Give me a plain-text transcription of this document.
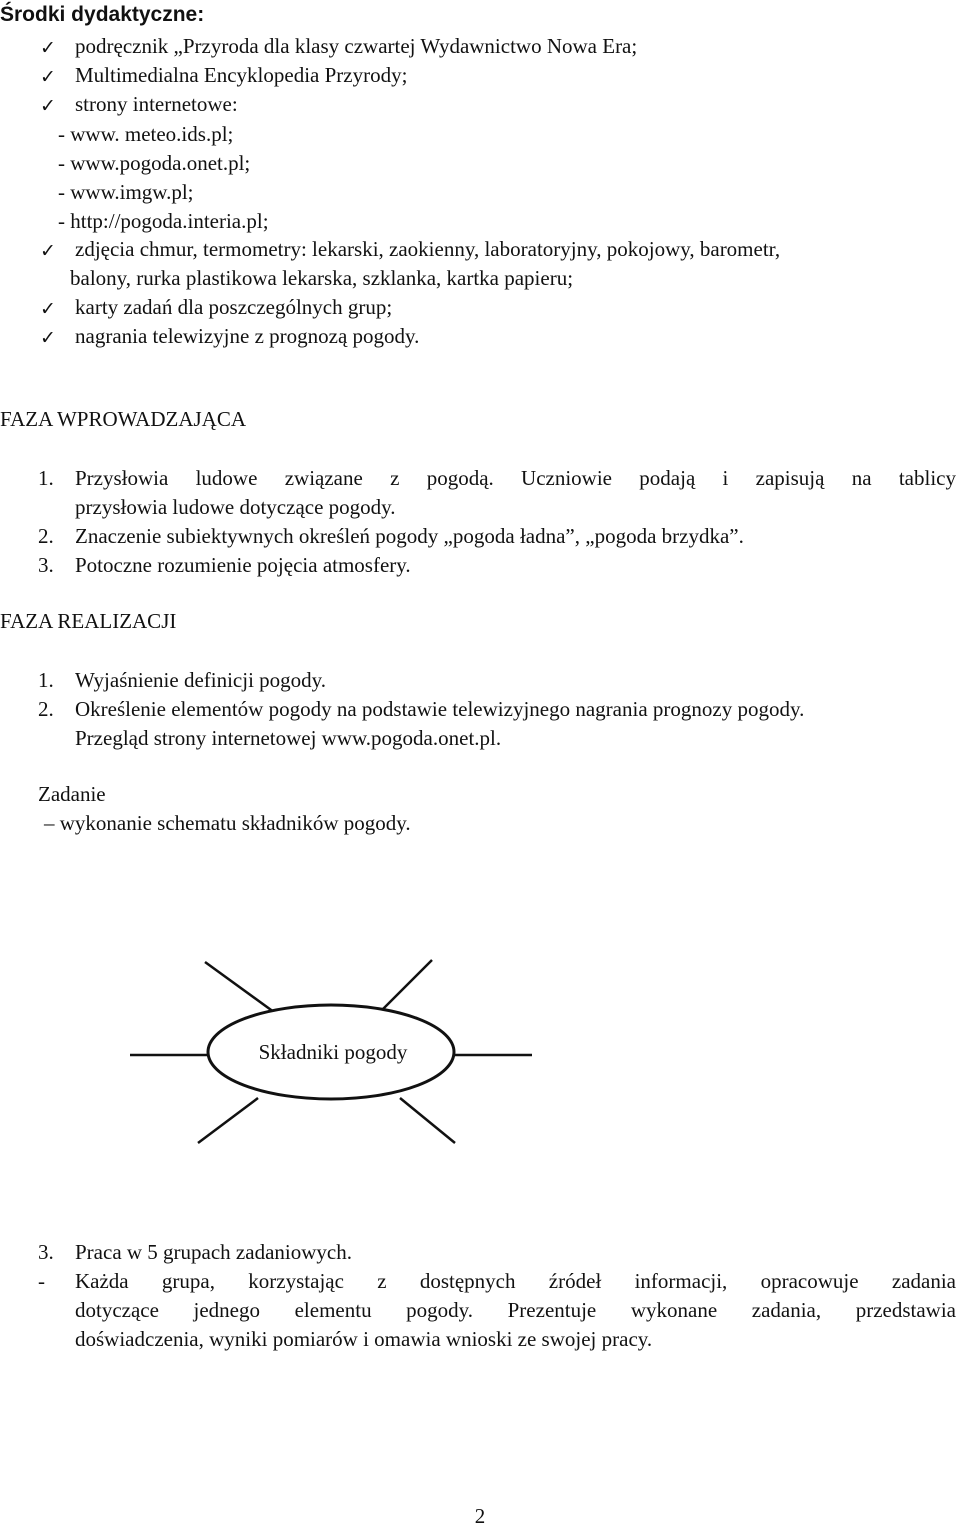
Środki dydaktyczne:
✓ podręcznik „Przyroda dla klasy czwartej Wydawnictwo Nowa Era;
✓ Multimedialna Encyklopedia Przyrody;
✓ strony internetowe:
- www. meteo.ids.pl;
- www.pogoda.onet.pl;
- www.imgw.pl;
- http://pogoda.interia.pl;
✓ zdjęcia chmur, termometry: lekarski, zaokienny, laboratoryjny, pokojowy, barometr,
balony, rurka plastikowa lekarska, szklanka, kartka papieru;
✓ karty zadań dla poszczególnych grup;
✓ nagrania telewizyjne z prognozą pogody.
FAZA WPROWADZAJĄCA
1. Przysłowia ludowe związane z pogodą. Uczniowie podają i zapisują na tablicy
przysłowia ludowe dotyczące pogody.
2. Znaczenie subiektywnych określeń pogody „pogoda ładna”, „pogoda brzydka”.
3. Potoczne rozumienie pojęcia atmosfery.
FAZA REALIZACJI
1. Wyjaśnienie definicji pogody.
2. Określenie elementów pogody na podstawie telewizyjnego nagrania prognozy pogody.
Przegląd strony internetowej www.pogoda.onet.pl.
Zadanie
– wykonanie schematu składników pogody.
Składniki pogody
3. Praca w 5 grupach zadaniowych.
- Każda grupa, korzystając z dostępnych źródeł informacji, opracowuje zadania
dotyczące jednego elementu pogody. Prezentuje wykonane zadania, przedstawia
doświadczenia, wyniki pomiarów i omawia wnioski ze swojej pracy.
2
